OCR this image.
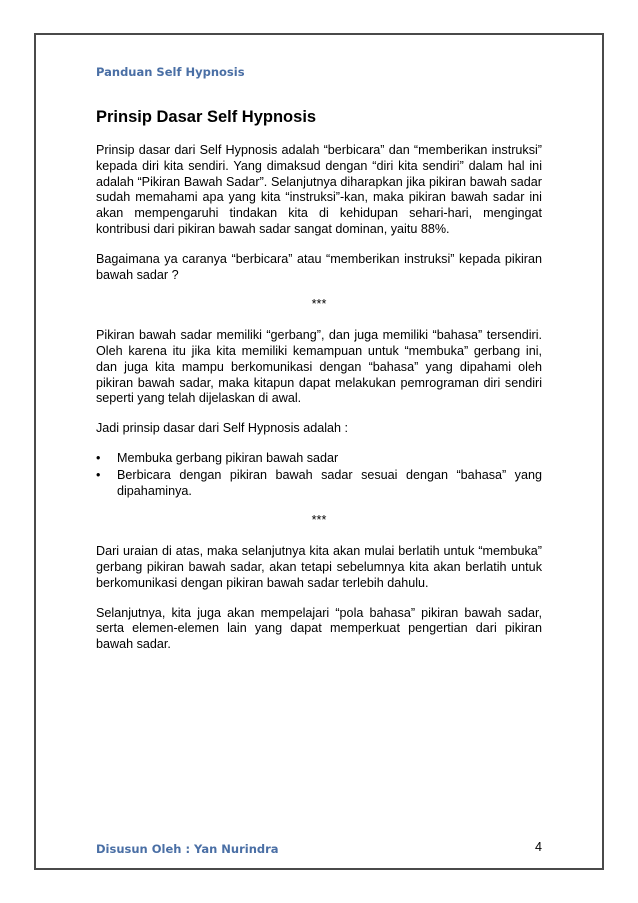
Panduan Self Hypnosis
Prinsip Dasar Self Hypnosis

Prinsip dasar dari Self Hypnosis adalah “berbicara” dan “memberikan instruksi” kepada diri kita sendiri. Yang dimaksud dengan “diri kita sendiri” dalam hal ini adalah “Pikiran Bawah Sadar”. Selanjutnya diharapkan jika pikiran bawah sadar sudah memahami apa yang kita “instruksi”-kan, maka pikiran bawah sadar ini akan mempengaruhi tindakan kita di kehidupan sehari-hari, mengingat kontribusi dari pikiran bawah sadar sangat dominan, yaitu 88%.

Bagaimana ya caranya “berbicara” atau “memberikan instruksi” kepada pikiran bawah sadar ?

***

Pikiran bawah sadar memiliki “gerbang”, dan juga memiliki “bahasa” tersendiri. Oleh karena itu jika kita memiliki kemampuan untuk “membuka” gerbang ini, dan juga kita mampu berkomunikasi dengan “bahasa” yang dipahami oleh pikiran bawah sadar, maka kitapun dapat melakukan pemrograman diri sendiri seperti yang telah dijelaskan di awal.

Jadi prinsip dasar dari Self Hypnosis adalah :

• Membuka gerbang pikiran bawah sadar
• Berbicara dengan pikiran bawah sadar sesuai dengan “bahasa” yang dipahaminya.
***

Dari uraian di atas, maka selanjutnya kita akan mulai berlatih untuk “membuka” gerbang pikiran bawah sadar, akan tetapi sebelumnya kita akan berlatih untuk berkomunikasi dengan pikiran bawah sadar terlebih dahulu.

Selanjutnya, kita juga akan mempelajari “pola bahasa” pikiran bawah sadar, serta elemen-elemen lain yang dapat memperkuat pengertian dari pikiran bawah sadar.

Disusun Oleh : Yan Nurindra	4
